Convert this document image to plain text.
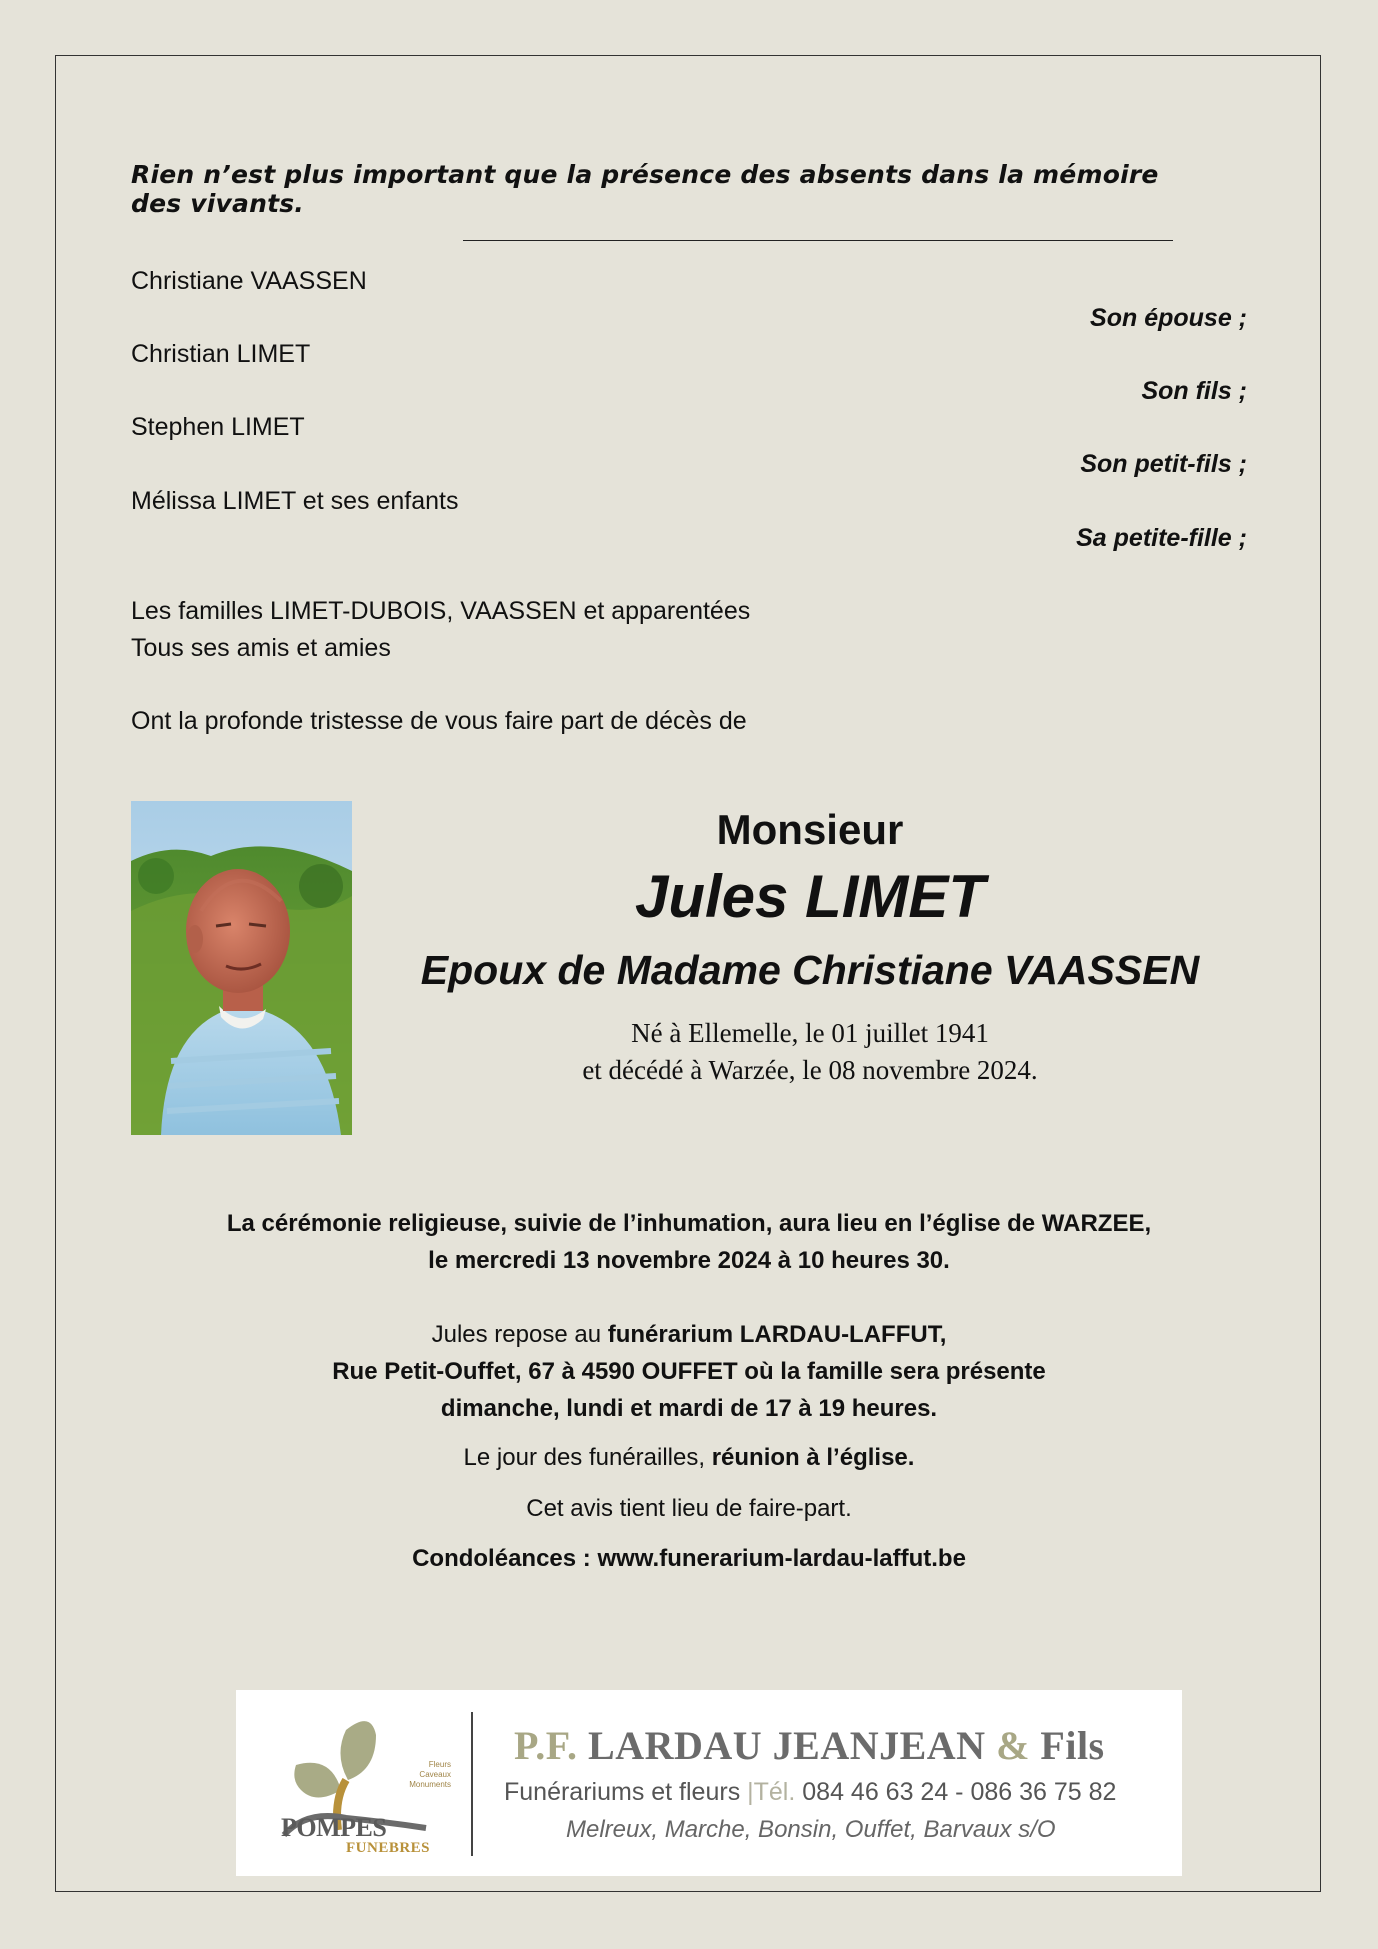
Rien n’est plus important que la présence des absents dans la mémoire des vivants.
Christiane VAASSEN
Son épouse ;
Christian LIMET
Son fils ;
Stephen LIMET
Son petit-fils ;
Mélissa LIMET et ses enfants
Sa petite-fille ;
Les familles LIMET-DUBOIS, VAASSEN et apparentées
Tous ses amis et amies
Ont la profonde tristesse de vous faire part de décès de
Monsieur
Jules LIMET
Epoux de Madame Christiane VAASSEN
Né à Ellemelle, le 01 juillet 1941
et décédé à Warzée, le 08 novembre 2024.
La cérémonie religieuse, suivie de l’inhumation, aura lieu en l’église de WARZEE,
le mercredi 13 novembre 2024 à 10 heures 30.
Jules repose au funérarium LARDAU-LAFFUT,
Rue Petit-Ouffet, 67 à 4590 OUFFET où la famille sera présente
dimanche, lundi et mardi de 17 à 19 heures.
Le jour des funérailles, réunion à l’église.
Cet avis tient lieu de faire-part.
Condoléances : www.funerarium-lardau-laffut.be
Fleurs
Caveaux
Monuments
POMPES
FUNEBRES
P.F. LARDAU JEANJEAN & Fils
Funérariums et fleurs |Tél. 084 46 63 24 - 086 36 75 82
Melreux, Marche, Bonsin, Ouffet, Barvaux s/O
